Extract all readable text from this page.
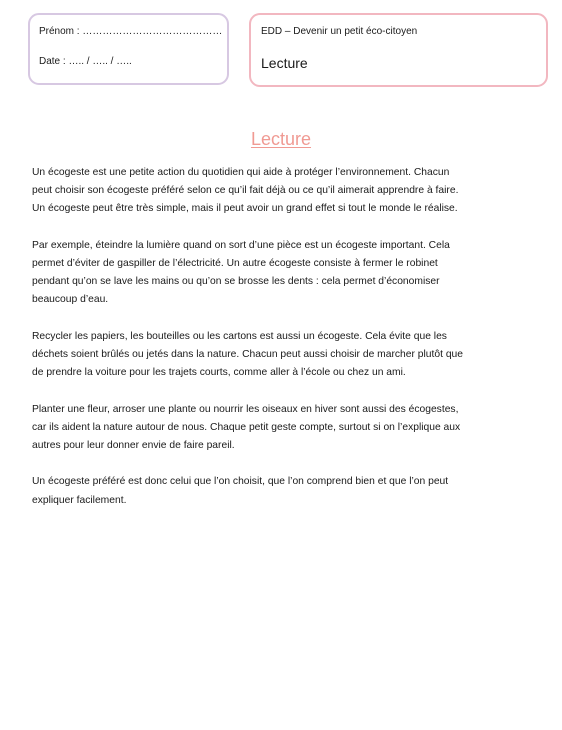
Prénom : ……………………………………
Date : ….. / ….. / …..
EDD – Devenir un petit éco-citoyen
Lecture
Lecture
Un écogeste est une petite action du quotidien qui aide à protéger l’environnement. Chacun
peut choisir son écogeste préféré selon ce qu’il fait déjà ou ce qu’il aimerait apprendre à faire.
Un écogeste peut être très simple, mais il peut avoir un grand effet si tout le monde le réalise.
Par exemple, éteindre la lumière quand on sort d’une pièce est un écogeste important. Cela
permet d’éviter de gaspiller de l’électricité. Un autre écogeste consiste à fermer le robinet
pendant qu’on se lave les mains ou qu’on se brosse les dents : cela permet d’économiser
beaucoup d’eau.
Recycler les papiers, les bouteilles ou les cartons est aussi un écogeste. Cela évite que les
déchets soient brûlés ou jetés dans la nature. Chacun peut aussi choisir de marcher plutôt que
de prendre la voiture pour les trajets courts, comme aller à l’école ou chez un ami.
Planter une fleur, arroser une plante ou nourrir les oiseaux en hiver sont aussi des écogestes,
car ils aident la nature autour de nous. Chaque petit geste compte, surtout si on l’explique aux
autres pour leur donner envie de faire pareil.
Un écogeste préféré est donc celui que l’on choisit, que l’on comprend bien et que l’on peut
expliquer facilement.
